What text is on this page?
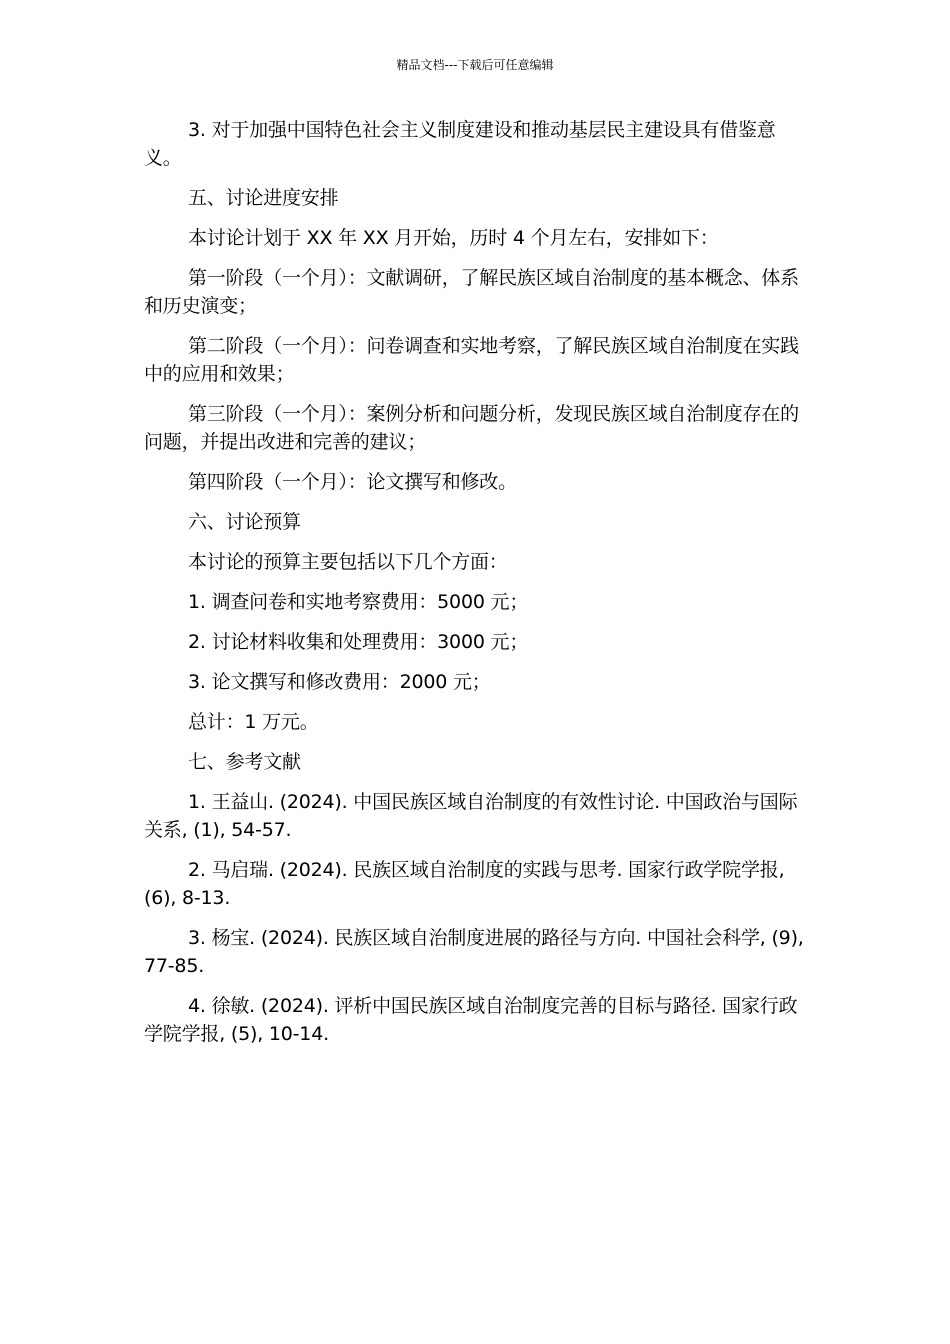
精品文档---下载后可任意编辑

3. 对于加强中国特色社会主义制度建设和推动基层民主建设具有借鉴意义。

五、讨论进度安排

本讨论计划于 XX 年 XX 月开始，历时 4 个月左右，安排如下：

第一阶段（一个月）：文献调研，了解民族区域自治制度的基本概念、体系和历史演变；

第二阶段（一个月）：问卷调查和实地考察，了解民族区域自治制度在实践中的应用和效果；

第三阶段（一个月）：案例分析和问题分析，发现民族区域自治制度存在的问题，并提出改进和完善的建议；

第四阶段（一个月）：论文撰写和修改。

六、讨论预算

本讨论的预算主要包括以下几个方面：

1. 调查问卷和实地考察费用：5000 元；

2. 讨论材料收集和处理费用：3000 元；

3. 论文撰写和修改费用：2000 元；

总计：1 万元。

七、参考文献

1. 王益山. (2024). 中国民族区域自治制度的有效性讨论. 中国政治与国际关系, (1), 54-57.

2. 马启瑞. (2024). 民族区域自治制度的实践与思考. 国家行政学院学报, (6), 8-13.

3. 杨宝. (2024). 民族区域自治制度进展的路径与方向. 中国社会科学, (9), 77-85.

4. 徐敏. (2024). 评析中国民族区域自治制度完善的目标与路径. 国家行政学院学报, (5), 10-14.
